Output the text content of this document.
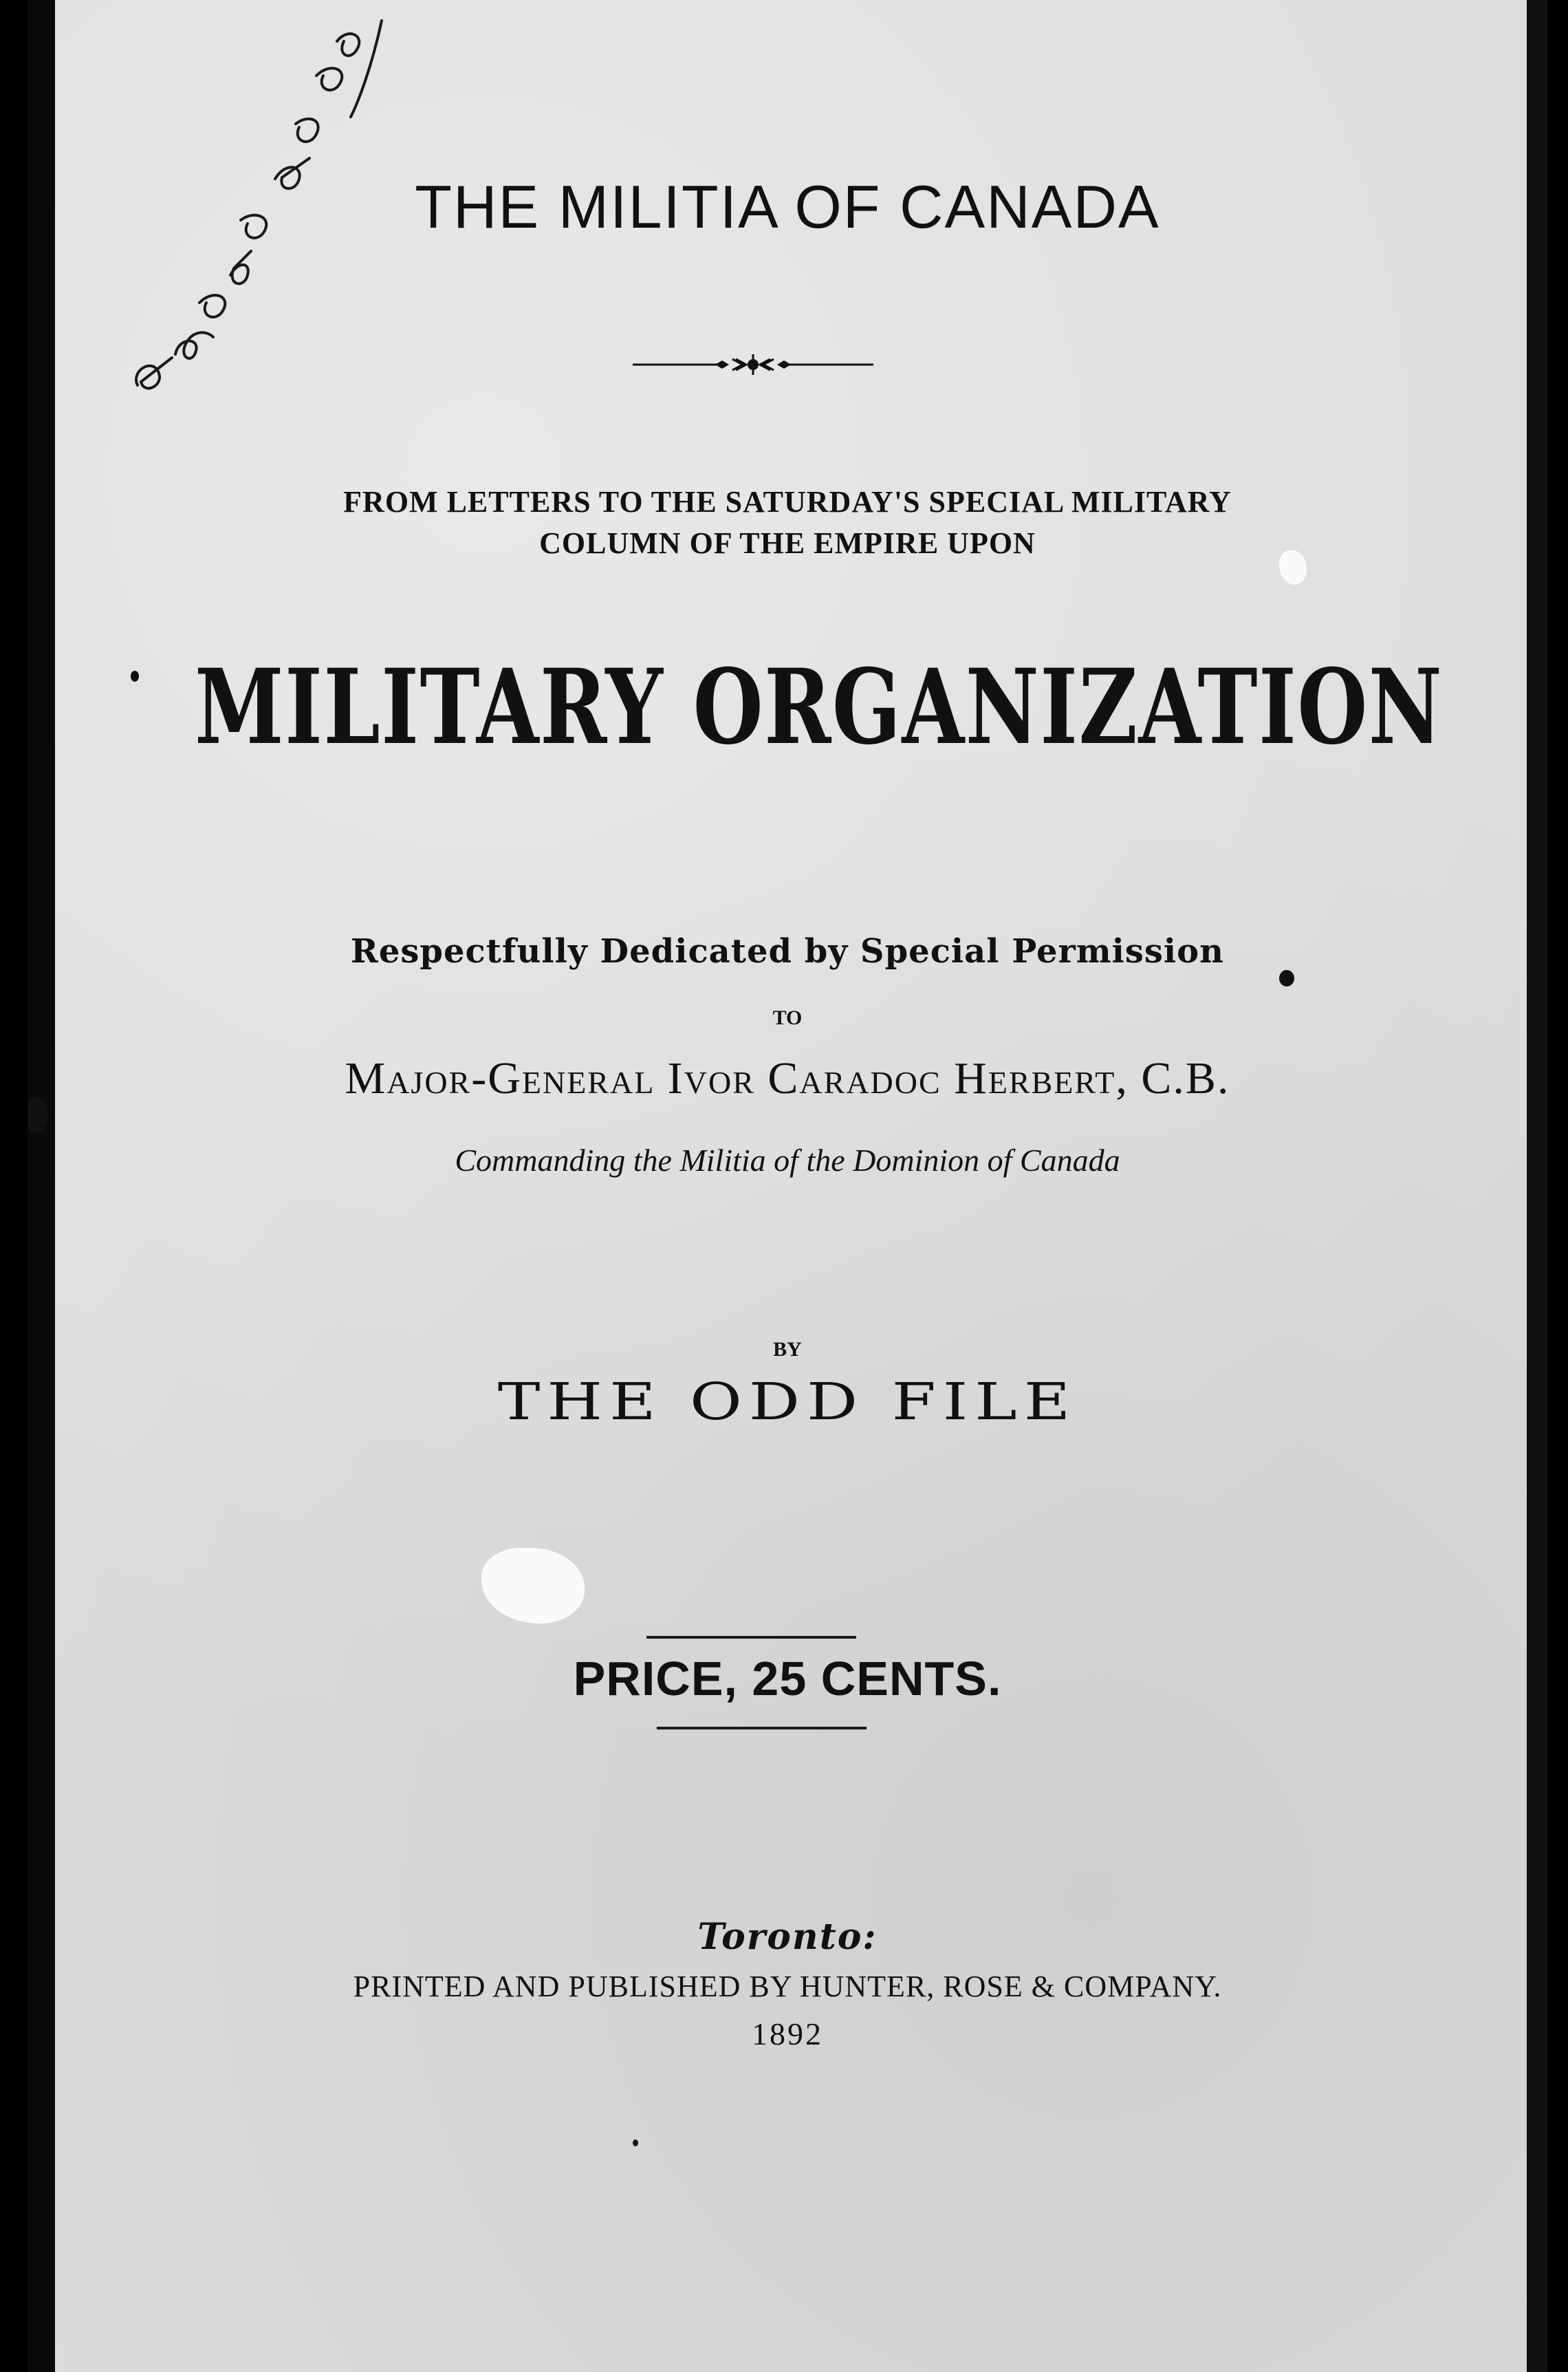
THE MILITIA OF CANADA
FROM LETTERS TO THE SATURDAY'S SPECIAL MILITARY
COLUMN OF THE EMPIRE UPON
MILITARY ORGANIZATION
Respectfully Dedicated by Special Permission
TO
Major-General Ivor Caradoc Herbert, C.B.
Commanding the Militia of the Dominion of Canada
BY
THE ODD FILE
PRICE, 25 CENTS.
Toronto:
PRINTED AND PUBLISHED BY HUNTER, ROSE & COMPANY.
1892
